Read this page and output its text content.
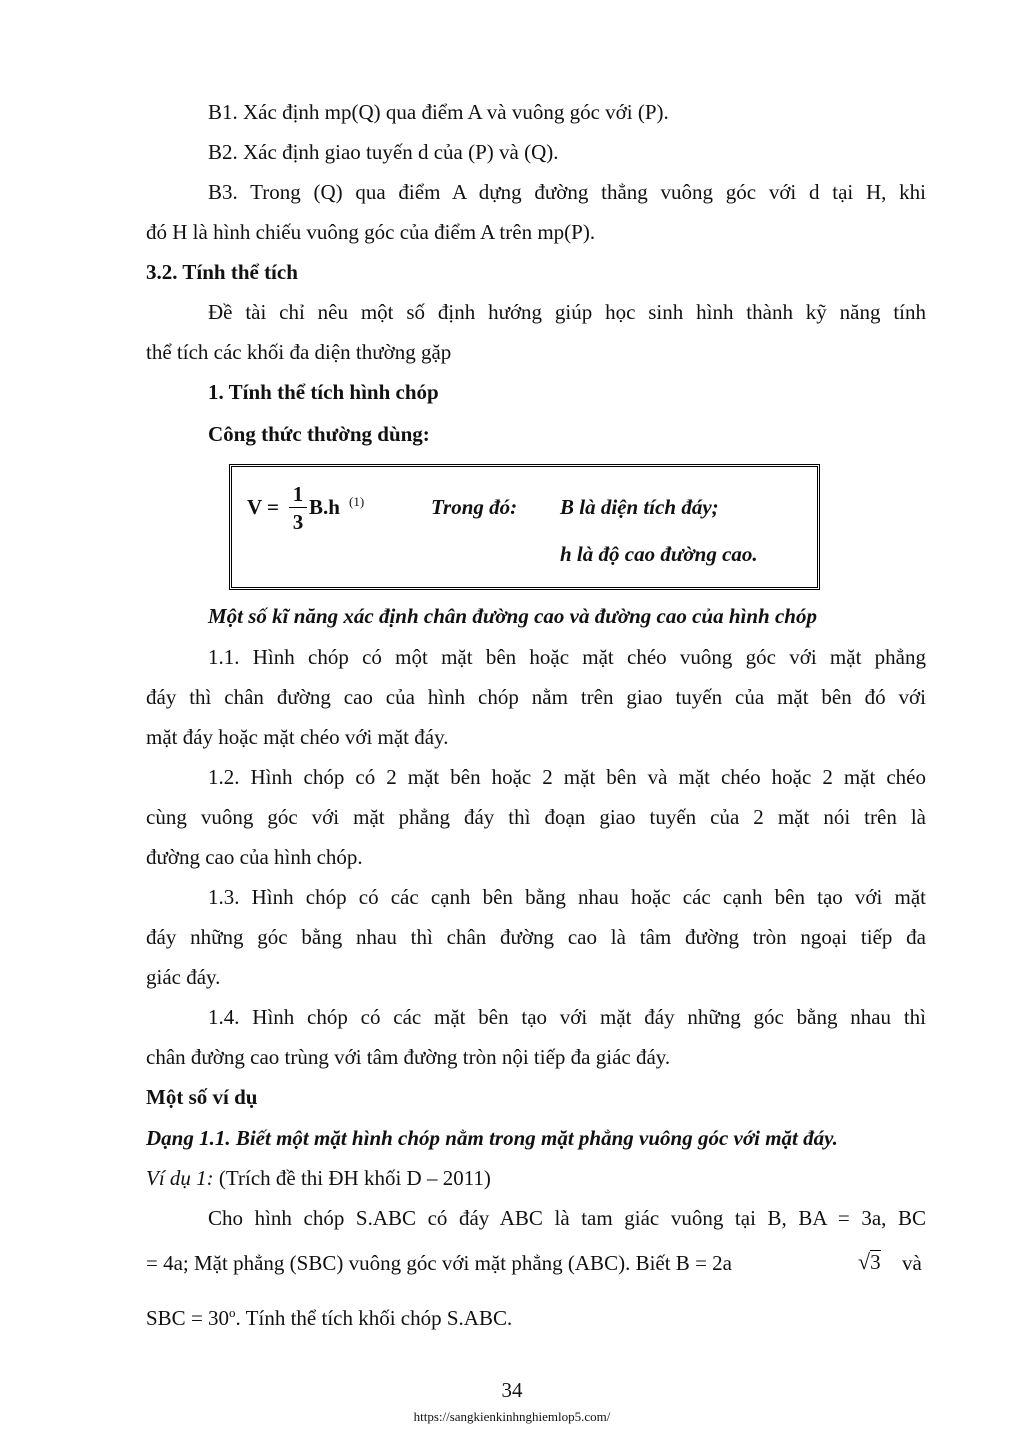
B1. Xác định mp(Q) qua điểm A và vuông góc với (P).
B2. Xác định giao tuyến d của (P) và (Q).
B3. Trong (Q) qua điểm A dựng đường thẳng vuông góc với d tại H, khi
đó H là hình chiếu vuông góc của điểm A trên mp(P).
3.2. Tính thể tích
Đề tài chỉ nêu một số định hướng giúp học sinh hình thành kỹ năng tính
thể tích các khối đa diện thường gặp
1. Tính thể tích hình chóp
Công thức thường dùng:
V =
1
3
B.h (1)	Trong đó: B là diện tích đáy;
h là độ cao đường cao.
Một số kĩ năng xác định chân đường cao và đường cao của hình chóp
1.1. Hình chóp có một mặt bên hoặc mặt chéo vuông góc với mặt phẳng
đáy thì chân đường cao của hình chóp nằm trên giao tuyến của mặt bên đó với
mặt đáy hoặc mặt chéo với mặt đáy.
1.2. Hình chóp có 2 mặt bên hoặc 2 mặt bên và mặt chéo hoặc 2 mặt chéo
cùng vuông góc với mặt phẳng đáy thì đoạn giao tuyến của 2 mặt nói trên là
đường cao của hình chóp.
1.3. Hình chóp có các cạnh bên bằng nhau hoặc các cạnh bên tạo với mặt
đáy những góc bằng nhau thì chân đường cao là tâm đường tròn ngoại tiếp đa
giác đáy.
1.4. Hình chóp có các mặt bên tạo với mặt đáy những góc bằng nhau thì
chân đường cao trùng với tâm đường tròn nội tiếp đa giác đáy.
Một số ví dụ
Dạng 1.1. Biết một mặt hình chóp nằm trong mặt phẳng vuông góc với mặt đáy.
Ví dụ 1: (Trích đề thi ĐH khối D – 2011)
Cho hình chóp S.ABC có đáy ABC là tam giác vuông tại B, BA = 3a, BC
= 4a; Mặt phẳng (SBC) vuông góc với mặt phẳng (ABC). Biết B = 2a	√3 và
SBC = $30^o$. Tính thể tích khối chóp S.ABC.
34
https://sangkienkinhnghiemlop5.com/
